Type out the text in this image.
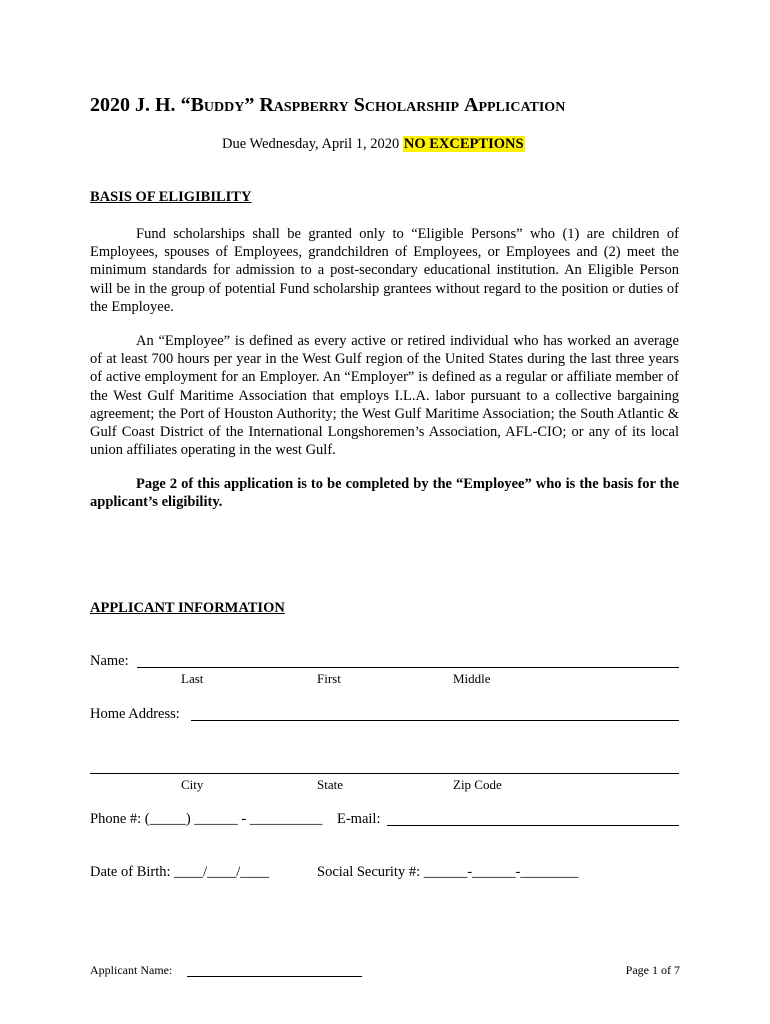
2020 J. H. “Buddy” Raspberry Scholarship Application
Due Wednesday, April 1, 2020 NO EXCEPTIONS
BASIS OF ELIGIBILITY

Fund scholarships shall be granted only to “Eligible Persons” who (1) are children of Employees, spouses of Employees, grandchildren of Employees, or Employees and (2) meet the minimum standards for admission to a post-secondary educational institution. An Eligible Person will be in the group of potential Fund scholarship grantees without regard to the position or duties of the Employee.

An “Employee” is defined as every active or retired individual who has worked an average of at least 700 hours per year in the West Gulf region of the United States during the last three years of active employment for an Employer. An “Employer” is defined as a regular or affiliate member of the West Gulf Maritime Association that employs I.L.A. labor pursuant to a collective bargaining agreement; the Port of Houston Authority; the West Gulf Maritime Association; the South Atlantic & Gulf Coast District of the International Longshoremen’s Association, AFL-CIO; or any of its local union affiliates operating in the west Gulf.

Page 2 of this application is to be completed by the “Employee” who is the basis for the applicant’s eligibility.

APPLICANT INFORMATION
Name:
Last	First	Middle
Home Address:
City	State	Zip Code
Phone #: (_____) ______ - __________ E-mail:
Date of Birth: ____/____/____	Social Security #: ______-______-________
Applicant Name:	Page 1 of 7
